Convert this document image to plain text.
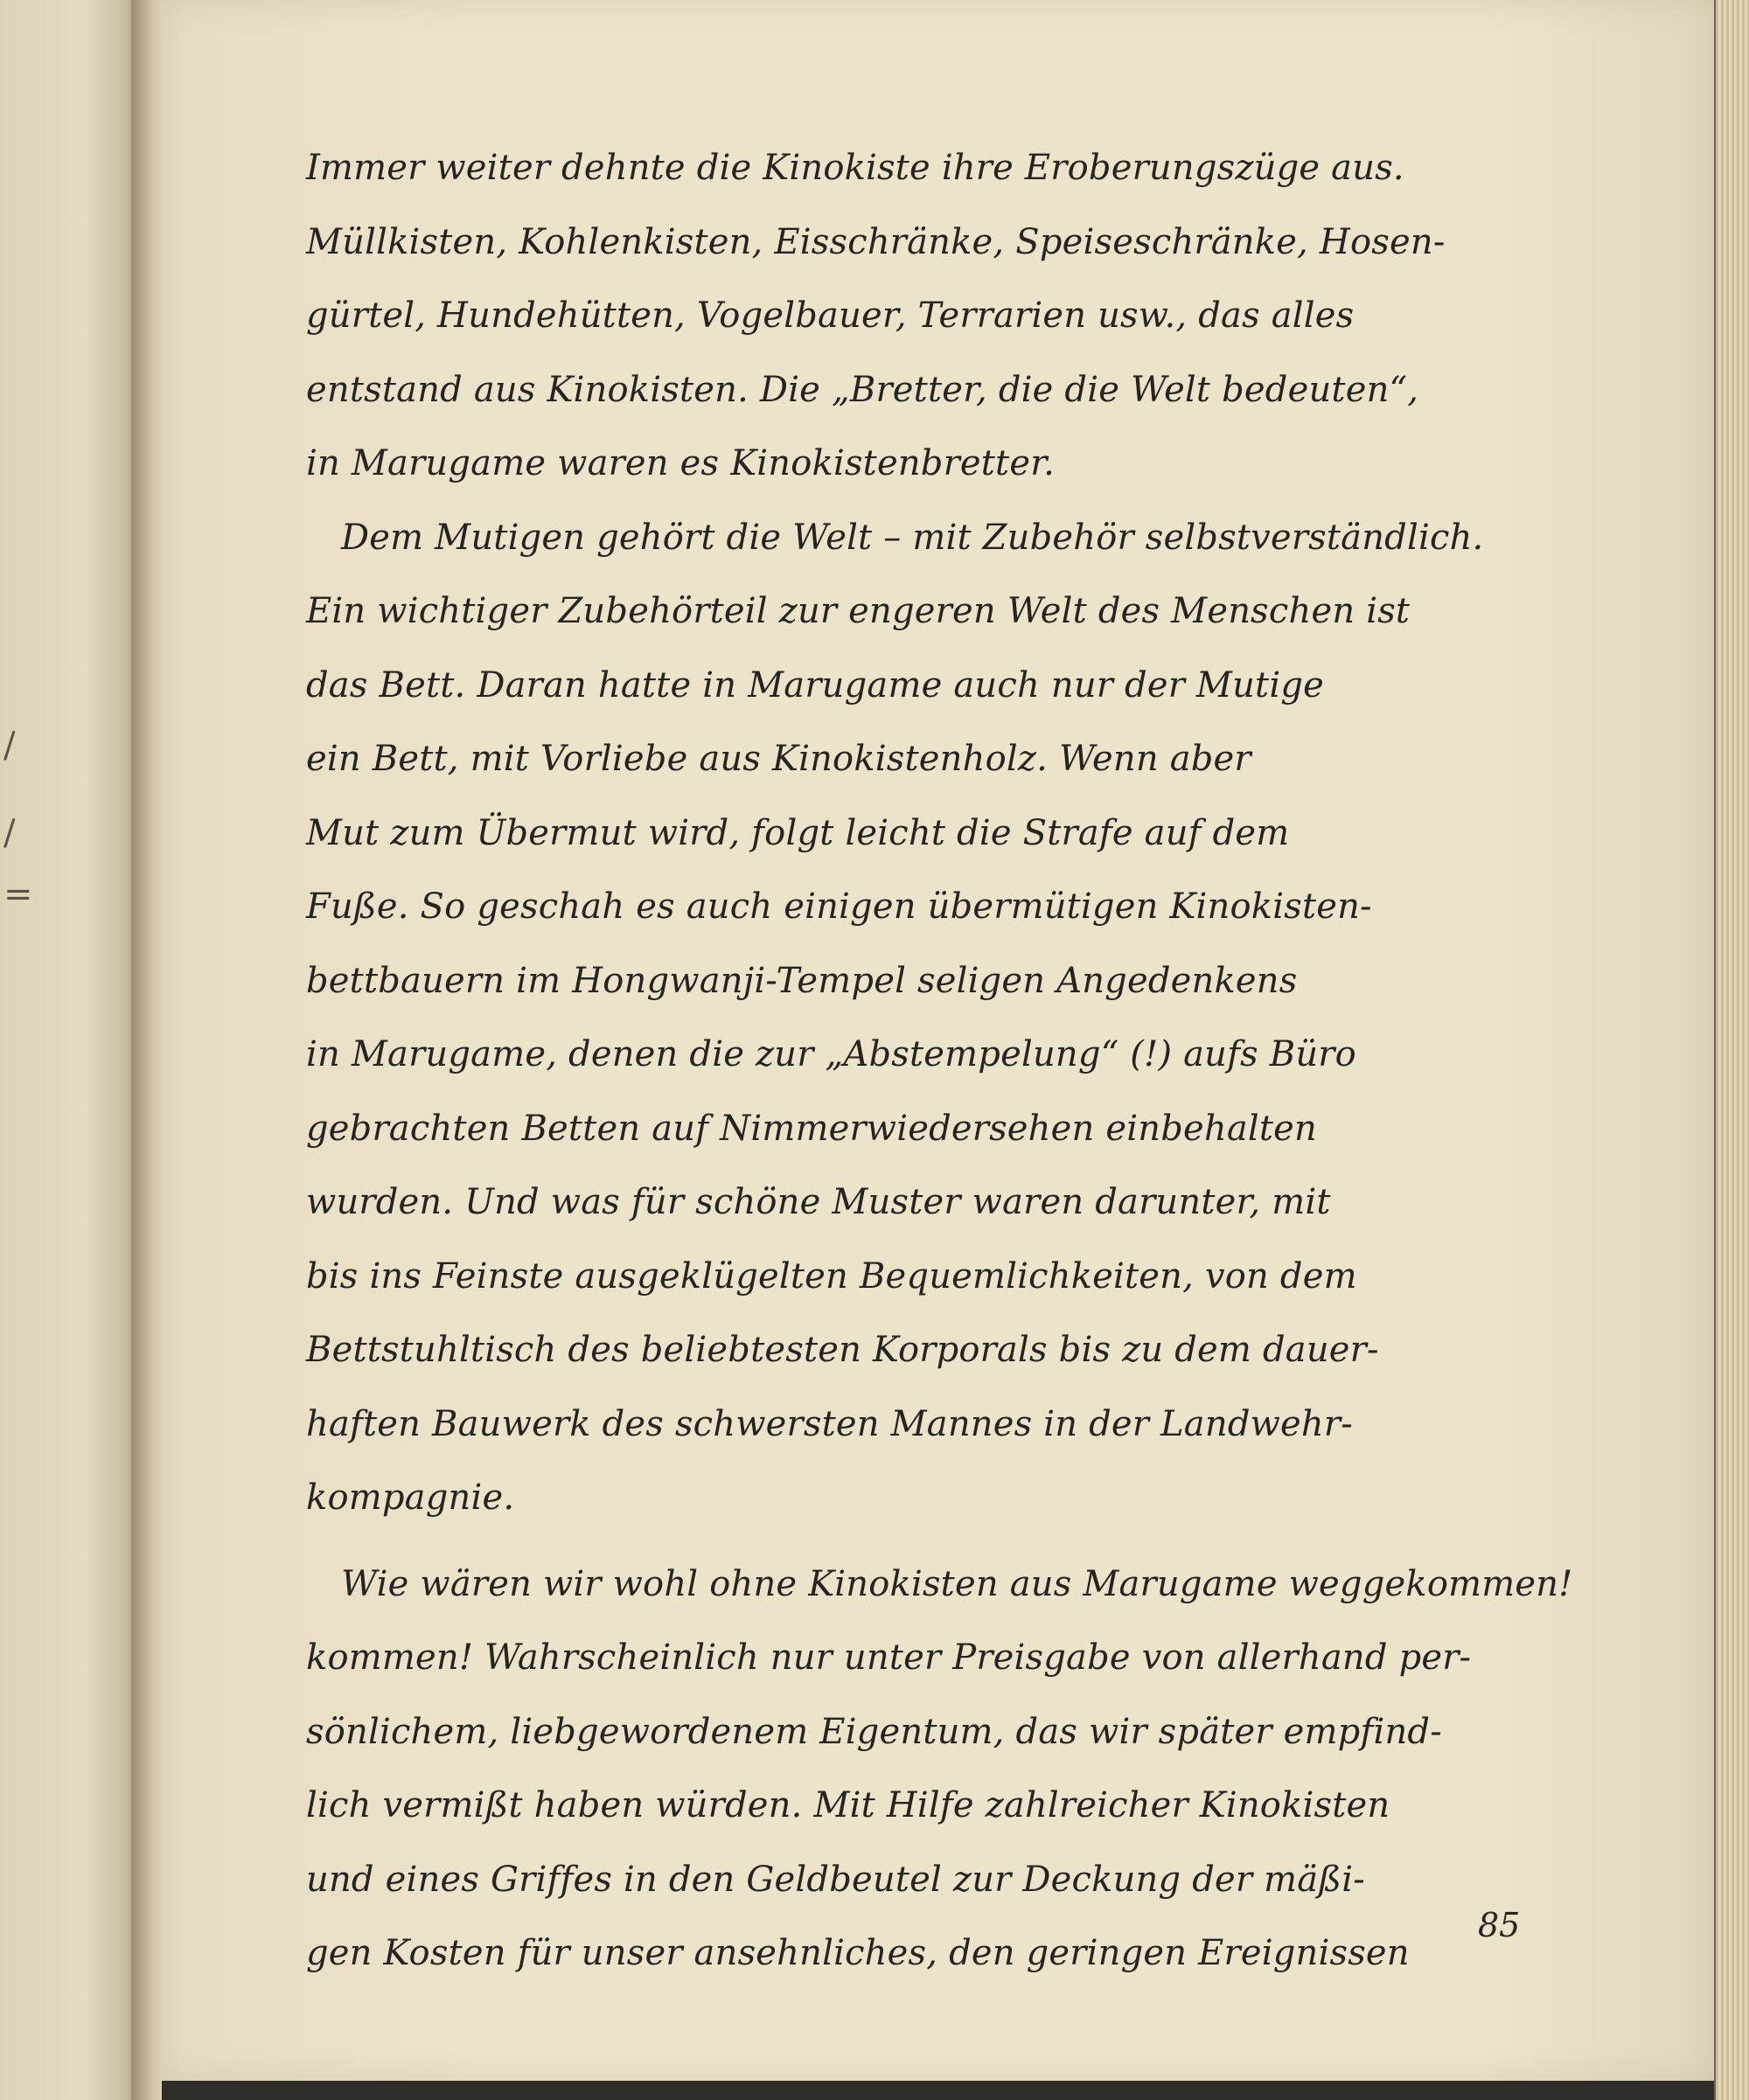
/
/
=
Immer weiter dehnte die Kinokiste ihre Eroberungszüge aus.
Müllkisten, Kohlenkisten, Eisschränke, Speiseschränke, Hosen-
gürtel, Hundehütten, Vogelbauer, Terrarien usw., das alles
entstand aus Kinokisten. Die „Bretter, die die Welt bedeuten“,
in Marugame waren es Kinokistenbretter.
Dem Mutigen gehört die Welt – mit Zubehör selbstverständlich.
Ein wichtiger Zubehörteil zur engeren Welt des Menschen ist
das Bett. Daran hatte in Marugame auch nur der Mutige
ein Bett, mit Vorliebe aus Kinokistenholz. Wenn aber
Mut zum Übermut wird, folgt leicht die Strafe auf dem
Fuße. So geschah es auch einigen übermütigen Kinokisten-
bettbauern im Hongwanji-Tempel seligen Angedenkens
in Marugame, denen die zur „Abstempelung“ (!) aufs Büro
gebrachten Betten auf Nimmerwiedersehen einbehalten
wurden. Und was für schöne Muster waren darunter, mit
bis ins Feinste ausgeklügelten Bequemlichkeiten, von dem
Bettstuhltisch des beliebtesten Korporals bis zu dem dauer-
haften Bauwerk des schwersten Mannes in der Landwehr-
kompagnie.
Wie wären wir wohl ohne Kinokisten aus Marugame weggekommen!
kommen! Wahrscheinlich nur unter Preisgabe von allerhand per-
sönlichem, liebgewordenem Eigentum, das wir später empfind-
lich vermißt haben würden. Mit Hilfe zahlreicher Kinokisten
und eines Griffes in den Geldbeutel zur Deckung der mäßi-
gen Kosten für unser ansehnliches, den geringen Ereignissen
85
